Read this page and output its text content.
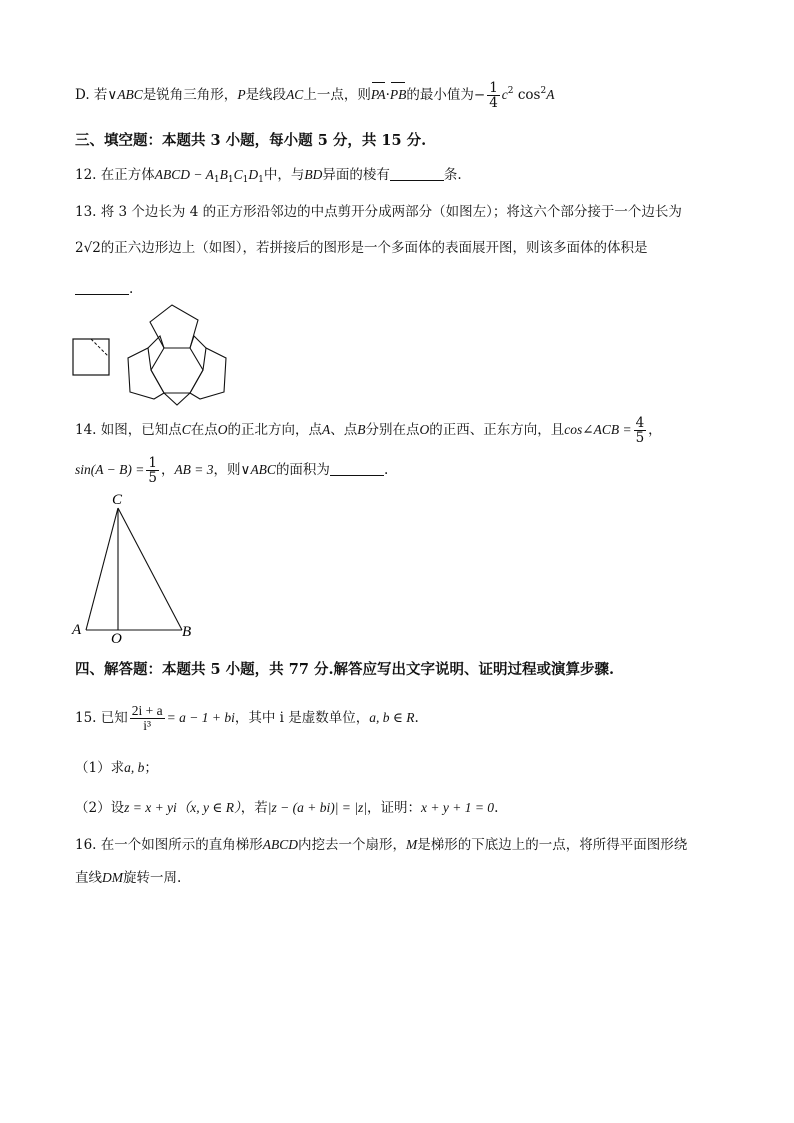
D. 若∨ABC是锐角三角形，P是线段AC上一点，则PA·PB的最小值为− $\frac{1}{4} c^2$ $\cos^2A$
三、填空题：本题共 3 小题，每小题 5 分，共 15 分.
12. 在正方体ABCD − $A_1B_1C_1D_1$中，与BD异面的棱有	条.
13. 将 3 个边长为 4 的正方形沿邻边的中点剪开分成两部分（如图左）；将这六个部分接于一个边长为
2√2的正六边形边上（如图），若拼接后的图形是一个多面体的表面展开图，则该多面体的体积是
.
14. 如图，已知点C在点O的正北方向，点A、点B分别在点O的正西、正东方向，且cos∠ACB = $\frac{4}{5}$ ，
$\sin(A - B) = \frac{1}{5}$ ，AB = 3，则∨ABC的面积为	.
C
A
O	B
四、解答题：本题共 5 小题，共 77 分.解答应写出文字说明、证明过程或演算步骤.
15. 已知 $\frac{2i + a}{\text{i³}} = a - 1$ + bi，其中 i 是虚数单位，a, b ∈ R.
（1）求a, b；
（2）设z = x + yi（x, y ∈ R），若|z − (a + bi)| = |z|，证明：x + y + 1 = 0.
16. 在一个如图所示的直角梯形ABCD内挖去一个扇形，M是梯形的下底边上的一点，将所得平面图形绕
直线DM旋转一周.
